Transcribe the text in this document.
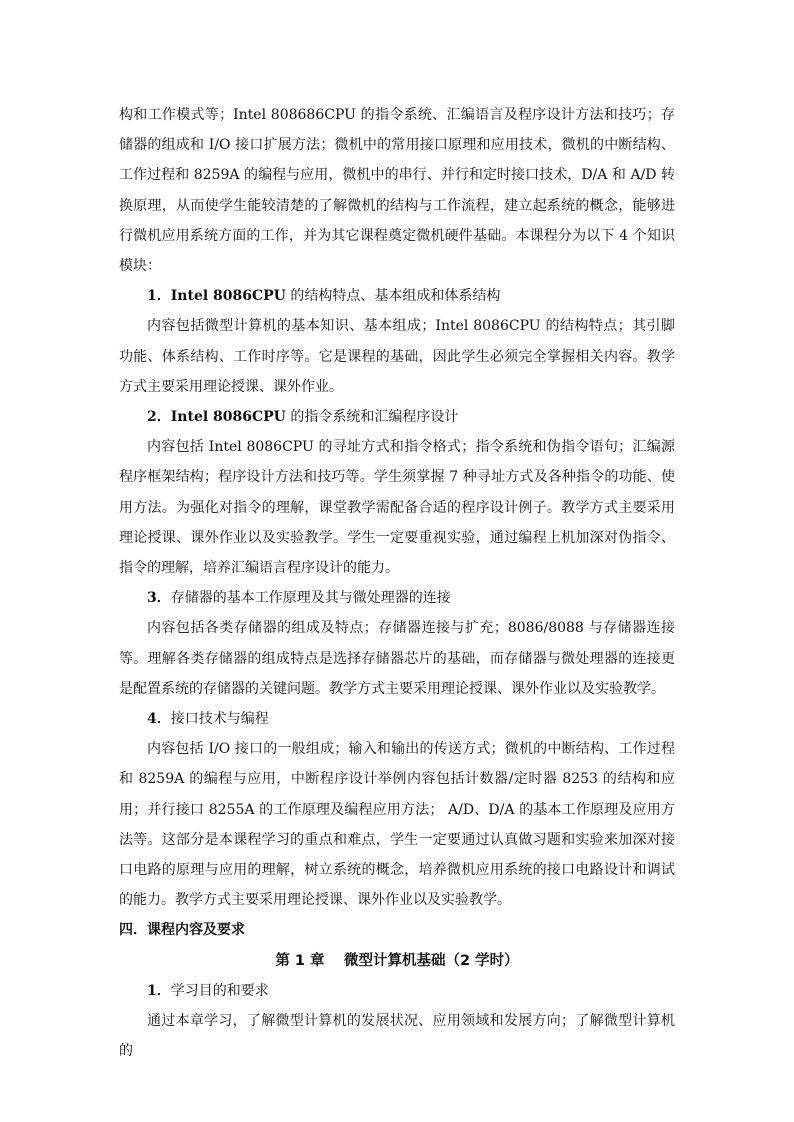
构和工作模式等；Intel 808686CPU 的指令系统、汇编语言及程序设计方法和技巧；存储器的组成和 I/O 接口扩展方法；微机中的常用接口原理和应用技术，微机的中断结构、工作过程和 8259A 的编程与应用，微机中的串行、并行和定时接口技术，D/A 和 A/D 转换原理，从而使学生能较清楚的了解微机的结构与工作流程，建立起系统的概念，能够进行微机应用系统方面的工作，并为其它课程奠定微机硬件基础。本课程分为以下 4 个知识模块：

1．Intel 8086CPU 的结构特点、基本组成和体系结构

内容包括微型计算机的基本知识、基本组成；Intel 8086CPU 的结构特点；其引脚功能、体系结构、工作时序等。它是课程的基础，因此学生必须完全掌握相关内容。教学方式主要采用理论授课、课外作业。

2．Intel 8086CPU 的指令系统和汇编程序设计

内容包括 Intel 8086CPU 的寻址方式和指令格式；指令系统和伪指令语句；汇编源程序框架结构；程序设计方法和技巧等。学生须掌握 7 种寻址方式及各种指令的功能、使用方法。为强化对指令的理解，课堂教学需配备合适的程序设计例子。教学方式主要采用理论授课、课外作业以及实验教学。学生一定要重视实验，通过编程上机加深对伪指令、指令的理解，培养汇编语言程序设计的能力。

3．存储器的基本工作原理及其与微处理器的连接

内容包括各类存储器的组成及特点；存储器连接与扩充；8086/8088 与存储器连接等。理解各类存储器的组成特点是选择存储器芯片的基础，而存储器与微处理器的连接更是配置系统的存储器的关键问题。教学方式主要采用理论授课、课外作业以及实验教学。

4．接口技术与编程

内容包括 I/O 接口的一般组成；输入和输出的传送方式；微机的中断结构、工作过程和 8259A 的编程与应用，中断程序设计举例内容包括计数器/定时器 8253 的结构和应用；并行接口 8255A 的工作原理及编程应用方法； A/D、D/A 的基本工作原理及应用方法等。这部分是本课程学习的重点和难点，学生一定要通过认真做习题和实验来加深对接口电路的原理与应用的理解，树立系统的概念，培养微机应用系统的接口电路设计和调试的能力。教学方式主要采用理论授课、课外作业以及实验教学。

四．课程内容及要求

第 1 章　 微型计算机基础（2 学时）

1．学习目的和要求

通过本章学习，了解微型计算机的发展状况、应用领域和发展方向；了解微型计算机的
